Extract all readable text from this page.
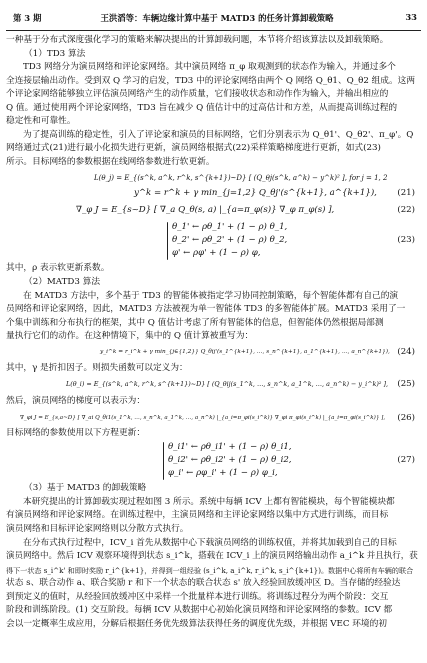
第 3 期	王洪滔等：车辆边缘计算中基于 MATD3 的任务计算卸载策略	33

一种基于分布式深度强化学习的策略来解决提出的计算卸载问题，本节将介绍该算法以及卸载策略。

（1）TD3 算法

TD3 网络分为演员网络和评论家网络。其中演员网络 π_φ 取观测到的状态作为输入，并通过多个

全连接层输出动作。受到双 Q 学习的启发，TD3 中的评论家网络由两个 Q 网络 Q_θ1、Q_θ2 组成。这两

个评论家网络能够独立评估演员网络产生的动作质量，它们接收状态和动作作为输入，并输出相应的

Q 值。通过使用两个评论家网络，TD3 旨在减少 Q 值估计中的过高估计和方差，从而提高训练过程的

稳定性和可靠性。

为了提高训练的稳定性，引入了评论家和演员的目标网络，它们分别表示为 Q_θ1'、Q_θ2'、π_φ'。Q

网络通过式(21)进行最小化损失进行更新，演员网络根据式(22)采样策略梯度进行更新，如式(23)

所示。目标网络的参数根据在线网络参数进行软更新。

L(θ_j) = E_{(s^k, a^k, r^k, s^{k+1})~D} [ (Q_θj(s^k, a^k) − y^k)² ], for j = 1, 2
y^k = r^k + γ min_{j=1,2} Q_θj'(s^{k+1}, a^{k+1}), (21)
∇_φ J = E_{s~D} [ ∇_a Q_θ(s, a) |_{a=π_φ(s)} ∇_φ π_φ(s) ],	(22)
θ_1' ← ρθ_1' + (1 − ρ) θ_1,
θ_2' ← ρθ_2' + (1 − ρ) θ_2,
φ' ← ρφ' + (1 − ρ) φ,
(23)

其中，ρ 表示软更新系数。

（2）MATD3 算法

在 MATD3 方法中，多个基于 TD3 的智能体被指定学习协同控制策略，每个智能体都有自己的演

员网络和评论家网络，因此，MATD3 方法被视为单一智能体 TD3 的多智能体扩展。MATD3 采用了一

个集中训练和分布执行的框架，其中 Q 值估计考虑了所有智能体的信息，但智能体仍然根据局部测

量执行它们的动作。在这种情境下，集中的 Q 值计算被重写为：

y_i^k = r_i^k + γ min_{j∈{1,2}} Q_θij'(s_1^{k+1}, …, s_n^{k+1}, a_1^{k+1}, …, a_n^{k+1}), (24)

其中，γ 是折扣因子。则损失函数可以定义为：

L(θ_i) = E_{(s^k, a^k, r^k, s^{k+1})~D} [ (Q_θij(s_1^k, …, s_n^k, a_1^k, …, a_n^k) − y_i^k)² ], (25)

然后，演员网络的梯度可以表示为：

∇_φi J = E_{s,a~D} [ ∇_ai Q_θi1(s_1^k, …, s_n^k, a_1^k, …, a_n^k) |_{a_i=π_φi(s_i^k)} ∇_φi π_φi(s_i^k) |_{a_i=π_φi(s_i^k)} ], (26)

目标网络的参数使用以下方程更新：

θ_i1' ← ρθ_i1' + (1 − ρ) θ_i1,
θ_i2' ← ρθ_i2' + (1 − ρ) θ_i2,
φ_i' ← ρφ_i' + (1 − ρ) φ_i,
(27)

（3）基于 MATD3 的卸载策略

本研究提出的计算卸载实现过程如图 3 所示。系统中每辆 ICV 上都有智能模块，每个智能模块都

有演员网络和评论家网络。在训练过程中，主演员网络和主评论家网络以集中方式进行训练，而目标

演员网络和目标评论家网络则以分散方式执行。

在分布式执行过程中，ICV_i 首先从数据中心下载演员网络的训练权值，并将其加载到自己的目标

演员网络中。然后 ICV 观察环境得到状态 s_i^k，搭载在 ICV_i 上的演员网络输出动作 a_i^k 并且执行，获

得下一状态 s_i^k' 和即时奖励 r_i^{k+1}，并得到一组经验 (s_i^k, a_i^k, r_i^k, s_i^{k+1})。数据中心将所有车辆的联合

状态 s、联合动作 a、联合奖励 r 和下一个状态的联合状态 s' 放入经验回放缓冲区 D。当存储的经验达

到预定义的值时，从经验回放缓冲区中采样一个批量样本进行训练。将训练过程分为两个阶段：交互

阶段和训练阶段。(1) 交互阶段。每辆 ICV 从数据中心初始化演员网络和评论家网络的参数。ICV 都

会以一定概率生成应用，分解后根据任务优先级算法获得任务的调度优先级，并根据 VEC 环境的初
